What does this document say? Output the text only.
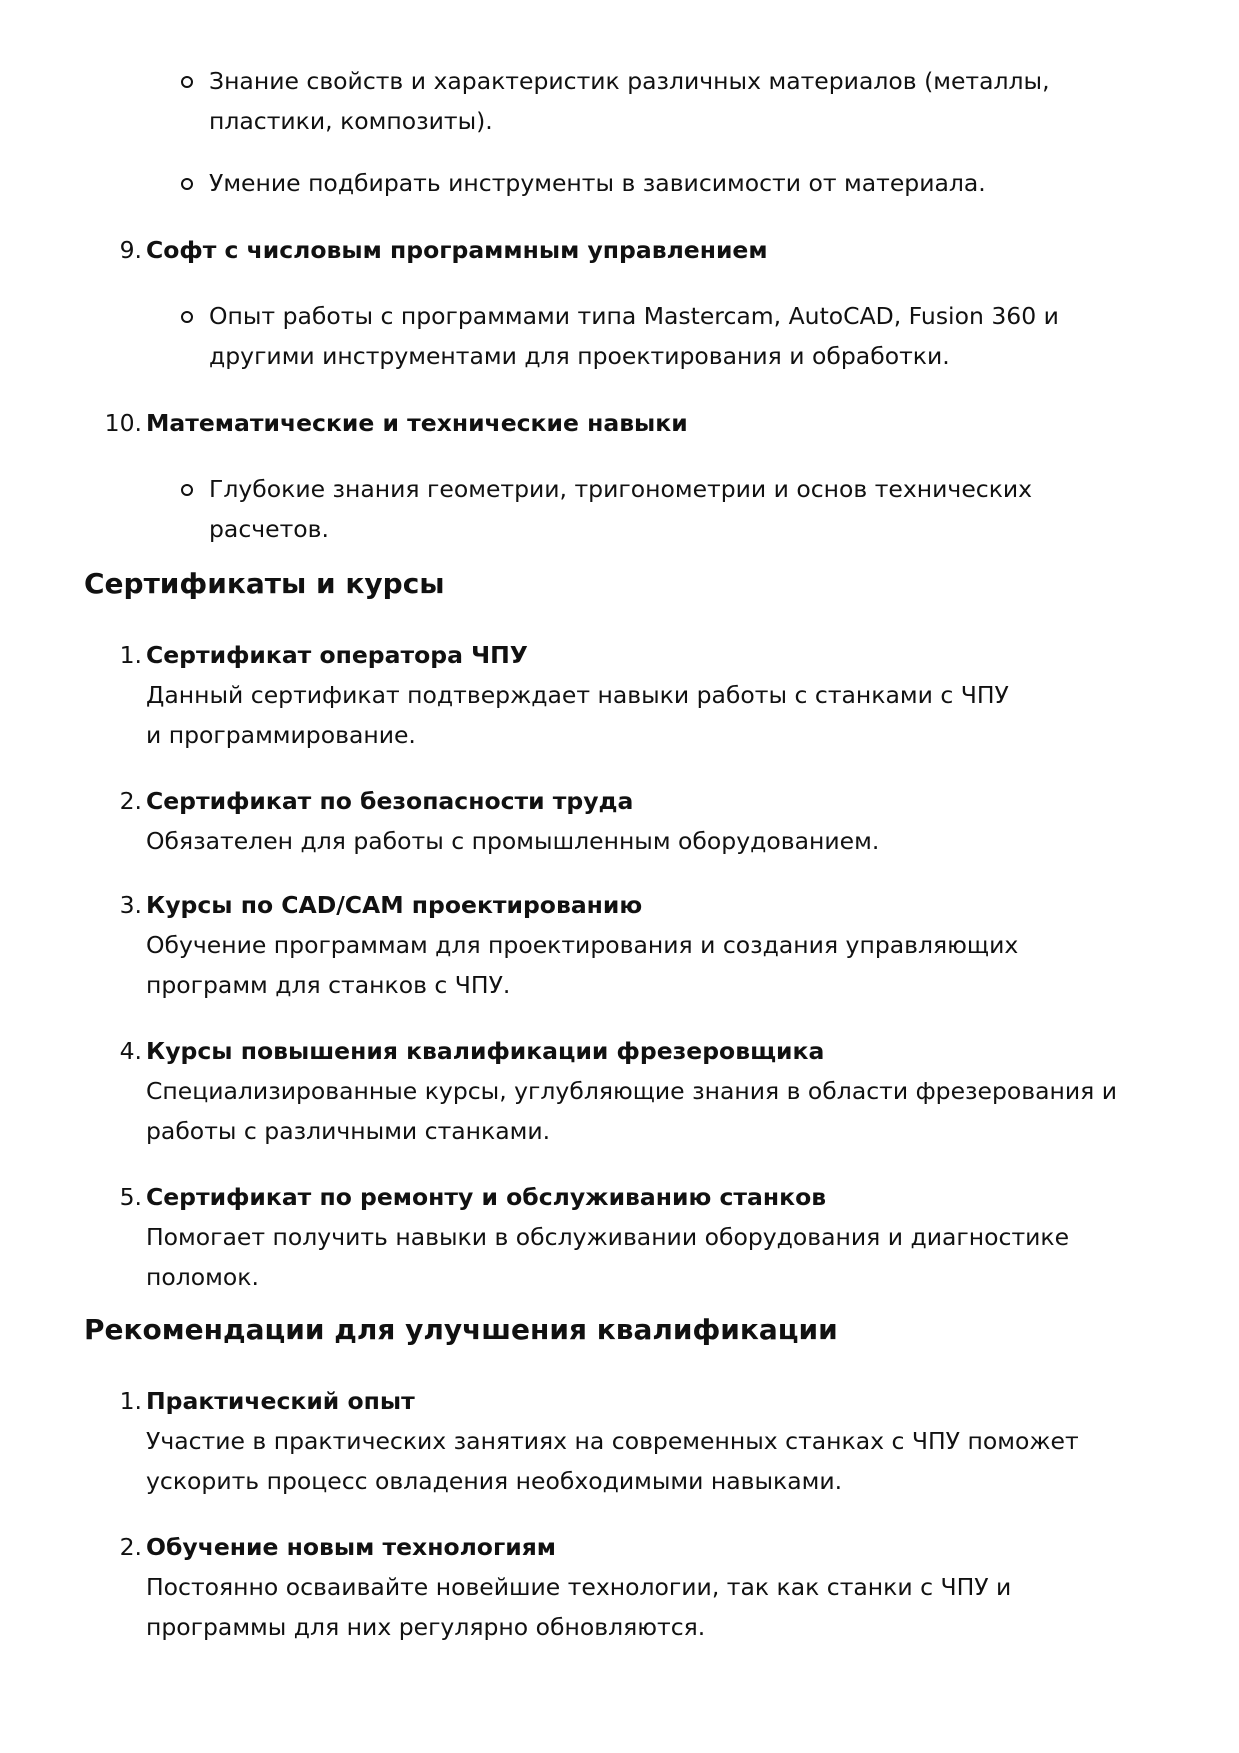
Знание свойств и характеристик различных материалов (металлы, пластики, композиты).
Умение подбирать инструменты в зависимости от материала.
9. Софт с числовым программным управлением
Опыт работы с программами типа Mastercam, AutoCAD, Fusion 360 и другими инструментами для проектирования и обработки.
10. Математические и технические навыки
Глубокие знания геометрии, тригонометрии и основ технических расчетов.
Сертификаты и курсы
1. Сертификат оператора ЧПУ
Данный сертификат подтверждает навыки работы с станками с ЧПУ и программирование.
2. Сертификат по безопасности труда
Обязателен для работы с промышленным оборудованием.
3. Курсы по CAD/CAM проектированию
Обучение программам для проектирования и создания управляющих программ для станков с ЧПУ.
4. Курсы повышения квалификации фрезеровщика
Специализированные курсы, углубляющие знания в области фрезерования и работы с различными станками.
5. Сертификат по ремонту и обслуживанию станков
Помогает получить навыки в обслуживании оборудования и диагностике поломок.
Рекомендации для улучшения квалификации
1. Практический опыт
Участие в практических занятиях на современных станках с ЧПУ поможет ускорить процесс овладения необходимыми навыками.
2. Обучение новым технологиям
Постоянно осваивайте новейшие технологии, так как станки с ЧПУ и программы для них регулярно обновляются.
